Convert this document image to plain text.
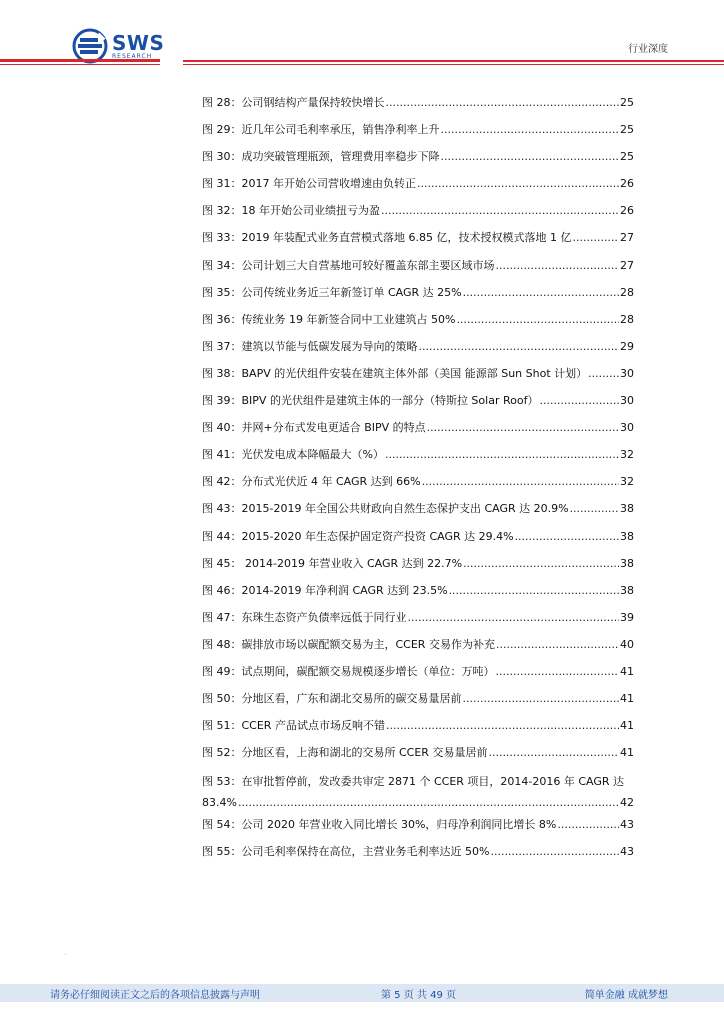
SWS
RESEARCH
行业深度
图 28：公司钢结构产量保持较快增长 .....	25
图 29：近几年公司毛利率承压，销售净利率上升 .....	25
图 30：成功突破管理瓶颈，管理费用率稳步下降 .....	25
图 31：2017 年开始公司营收增速由负转正 .....	26
图 32：18 年开始公司业绩扭亏为盈 .....	26
图 33：2019 年装配式业务直营模式落地 6.85 亿，技术授权模式落地 1 亿 .....	27
图 34：公司计划三大自营基地可较好覆盖东部主要区域市场 .....	27
图 35：公司传统业务近三年新签订单 CAGR 达 25% .....	28
图 36：传统业务 19 年新签合同中工业建筑占 50% .....	28
图 37：建筑以节能与低碳发展为导向的策略 .....	29
图 38：BAPV 的光伏组件安装在建筑主体外部（美国 能源部 Sun Shot 计划） .....	30
图 39：BIPV 的光伏组件是建筑主体的一部分（特斯拉 Solar Roof） .....	30
图 40：并网+分布式发电更适合 BIPV 的特点 .....	30
图 41：光伏发电成本降幅最大（%） .....	32
图 42：分布式光伏近 4 年 CAGR 达到 66% .....	32
图 43：2015-2019 年全国公共财政向自然生态保护支出 CAGR 达 20.9% .....	38
图 44：2015-2020 年生态保护固定资产投资 CAGR 达 29.4% .....	38
图 45： 2014-2019 年营业收入 CAGR 达到 22.7% .....	38
图 46：2014-2019 年净利润 CAGR 达到 23.5% .....	38
图 47：东珠生态资产负债率远低于同行业 .....	39
图 48：碳排放市场以碳配额交易为主，CCER 交易作为补充 .....	40
图 49：试点期间，碳配额交易规模逐步增长（单位：万吨） .....	41
图 50：分地区看，广东和湖北交易所的碳交易量居前 .....	41
图 51：CCER 产品试点市场反响不错 .....	41
图 52：分地区看，上海和湖北的交易所 CCER 交易量居前 .....	41
图 53：在审批暂停前，发改委共审定 2871 个 CCER 项目，2014-2016 年 CAGR 达
83.4% .....	42
图 54：公司 2020 年营业收入同比增长 30%，归母净利润同比增长 8% .....	43
图 55：公司毛利率保持在高位，主营业务毛利率达近 50% .....	43
·
请务必仔细阅读正文之后的各项信息披露与声明	第 5 页 共 49 页	简单金融 成就梦想
